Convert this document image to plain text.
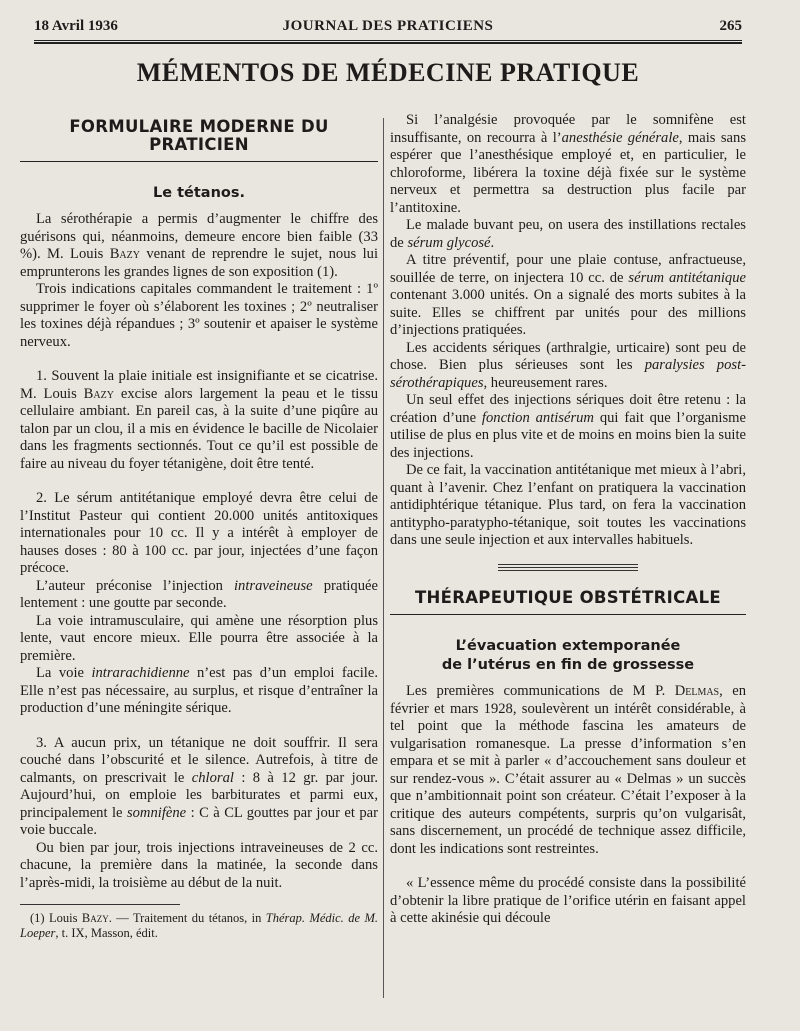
18 Avril 1936	JOURNAL DES PRATICIENS	265
MÉMENTOS DE MÉDECINE PRATIQUE
FORMULAIRE MODERNE DU PRATICIEN
Le tétanos.

La sérothérapie a permis d’augmenter le chiffre des guérisons qui, néanmoins, demeure encore bien faible (33 %). M. Louis Bazy venant de reprendre le sujet, nous lui emprunterons les grandes lignes de son exposition (1).

Trois indications capitales commandent le traitement : 1º supprimer le foyer où s’élaborent les toxines ; 2º neutraliser les toxines déjà répandues ; 3º soutenir et apaiser le système nerveux.

1. Souvent la plaie initiale est insignifiante et se cicatrise. M. Louis Bazy excise alors largement la peau et le tissu cellulaire ambiant. En pareil cas, à la suite d’une piqûre au talon par un clou, il a mis en évidence le bacille de Nicolaier dans les fragments sectionnés. Tout ce qu’il est possible de faire au niveau du foyer tétanigène, doit être tenté.

2. Le sérum antitétanique employé devra être celui de l’Institut Pasteur qui contient 20.000 unités antitoxiques internationales pour 10 cc. Il y a intérêt à employer de hauses doses : 80 à 100 cc. par jour, injectées d’une façon précoce.

L’auteur préconise l’injection intraveineuse pratiquée lentement : une goutte par seconde.

La voie intramusculaire, qui amène une résorption plus lente, vaut encore mieux. Elle pourra être associée à la première.

La voie intrarachidienne n’est pas d’un emploi facile. Elle n’est pas nécessaire, au surplus, et risque d’entraîner la production d’une méningite sérique.

3. A aucun prix, un tétanique ne doit souffrir. Il sera couché dans l’obscurité et le silence. Autrefois, à titre de calmants, on prescrivait le chloral : 8 à 12 gr. par jour. Aujourd’hui, on emploie les barbiturates et parmi eux, principalement le somnifène : C à CL gouttes par jour et par voie buccale.

Ou bien par jour, trois injections intraveineuses de 2 cc. chacune, la première dans la matinée, la seconde dans l’après-midi, la troisième au début de la nuit.

(1) Louis Bazy. — Traitement du tétanos, in Thérap. Médic. de M. Loeper, t. IX, Masson, édit.

Si l’analgésie provoquée par le somnifène est insuffisante, on recourra à l’anesthésie générale, mais sans espérer que l’anesthésique employé et, en particulier, le chloroforme, libérera la toxine déjà fixée sur le système nerveux et permettra sa destruction plus facile par l’antitoxine.

Le malade buvant peu, on usera des instillations rectales de sérum glycosé.

A titre préventif, pour une plaie contuse, anfractueuse, souillée de terre, on injectera 10 cc. de sérum antitétanique contenant 3.000 unités. On a signalé des morts subites à la suite. Elles se chiffrent par unités pour des millions d’injections pratiquées.

Les accidents sériques (arthralgie, urticaire) sont peu de chose. Bien plus sérieuses sont les paralysies post-sérothérapiques, heureusement rares.

Un seul effet des injections sériques doit être retenu : la création d’une fonction antisérum qui fait que l’organisme utilise de plus en plus vite et de moins en moins bien la suite des injections.

De ce fait, la vaccination antitétanique met mieux à l’abri, quant à l’avenir. Chez l’enfant on pratiquera la vaccination antidiphtérique tétanique. Plus tard, on fera la vaccination antitypho-paratypho-tétanique, soit toutes les vaccinations dans une seule injection et aux intervalles habituels.

THÉRAPEUTIQUE OBSTÉTRICALE
L’évacuation extemporanée
de l’utérus en fin de grossesse

Les premières communications de M P. Delmas, en février et mars 1928, soulevèrent un intérêt considérable, à tel point que la méthode fascina les amateurs de vulgarisation romanesque. La presse d’information s’en empara et se mit à parler « d’accouchement sans douleur et sur rendez-vous ». C’était assurer au « Delmas » un succès que n’ambitionnait point son créateur. C’était l’exposer à la critique des auteurs compétents, surpris qu’on vulgarisât, sans discernement, un procédé de technique assez difficile, dont les indications sont restreintes.

« L’essence même du procédé consiste dans la possibilité d’obtenir la libre pratique de l’orifice utérin en faisant appel à cette akinésie qui découle
